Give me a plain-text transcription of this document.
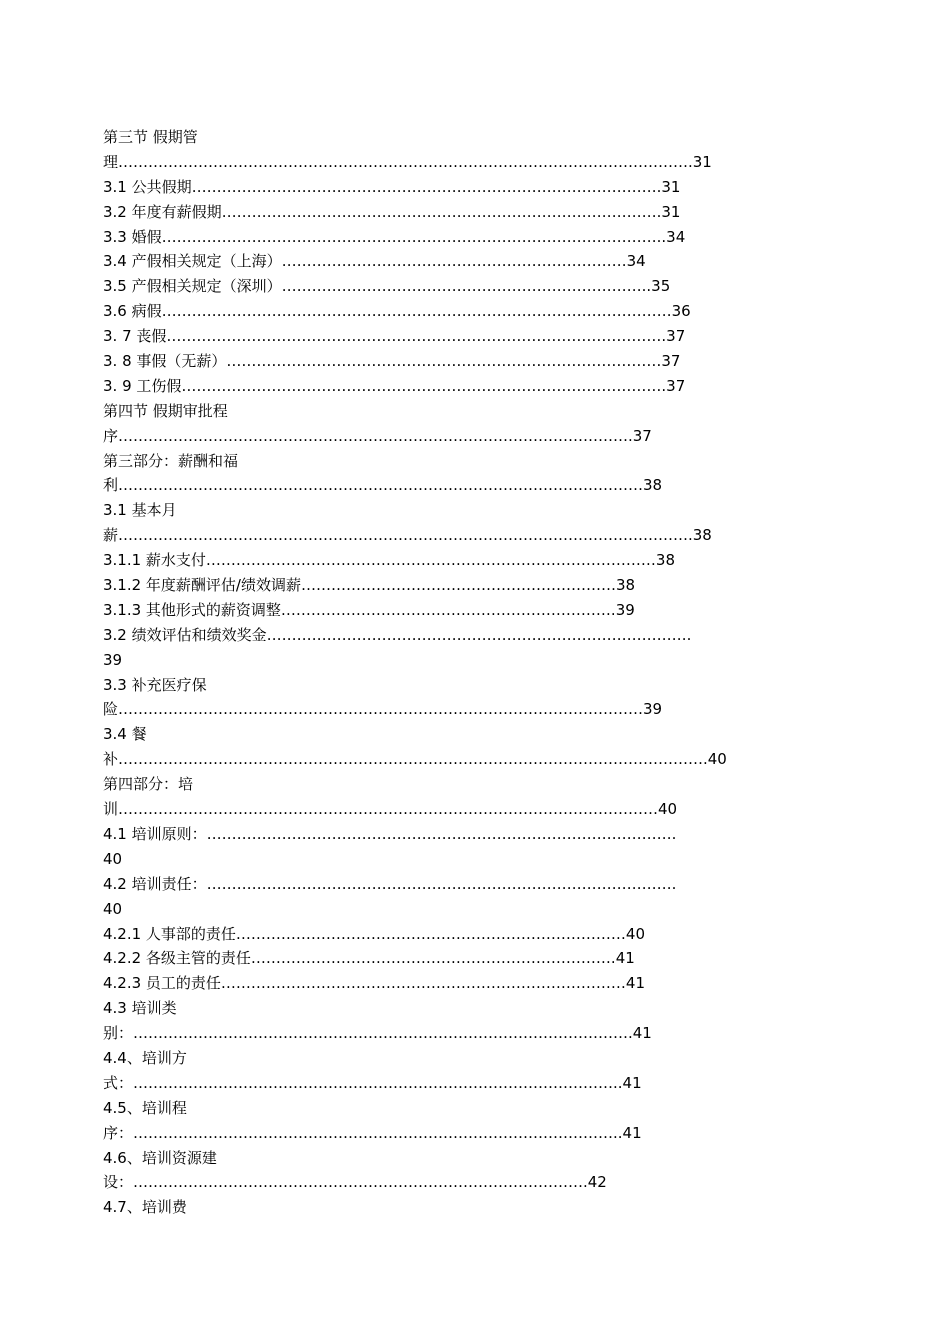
第三节 假期管
理…………………………………………………………………………………………………….31
3.1 公共假期………………………………………………………………………………….31
3.2 年度有薪假期…………………………………………………………………………….31
3.3 婚假………………………………………………………………………………………..34
3.4 产假相关规定（上海）……………………………………………………………34
3.5 产假相关规定（深圳）………………………………………………………………..35
3.6 病假…………………………………………………………………………………………36
3. 7 丧假……………………………………………………………………………………….37
3. 8 事假（无薪）……………………………………………………………………………37
3. 9 工伤假…………………………………………………………………………………….37
第四节 假期审批程
序………………………………………………………………………………………….37
第三部分：薪酬和福
利……………………………………………………………………………………………38
3.1 基本月
薪…………………………………………………………………………………………………….38
3.1.1 薪水支付………………………………………………………………………………38
3.1.2 年度薪酬评估/绩效调薪………………………………………………………38
3.1.3 其他形式的薪资调整………………………………………………………….39
3.2 绩效评估和绩效奖金………………………………………………………………………….
39
3.3 补充医疗保
险……………………………………………………………………………………………39
3.4 餐
补……………………………………………………………………………………………………….40
第四部分：培
训………………………………………………………………………………………………40
4.1 培训原则：………………………………………………………………………………….
40
4.2 培训责任：………………………………………………………………………………….
40
4.2.1 人事部的责任……………………………………………………………………40
4.2.2 各级主管的责任……………………………………………………………….41
4.2.3 员工的责任………………………………………………………………………41
4.3 培训类
别：……………………………………………………………………………………….41
4.4、培训方
式：……………………………………………………………………………………..41
4.5、培训程
序：……………………………………………………………………………………..41
4.6、培训资源建
设：……………………………………………………………………………….42
4.7、培训费
